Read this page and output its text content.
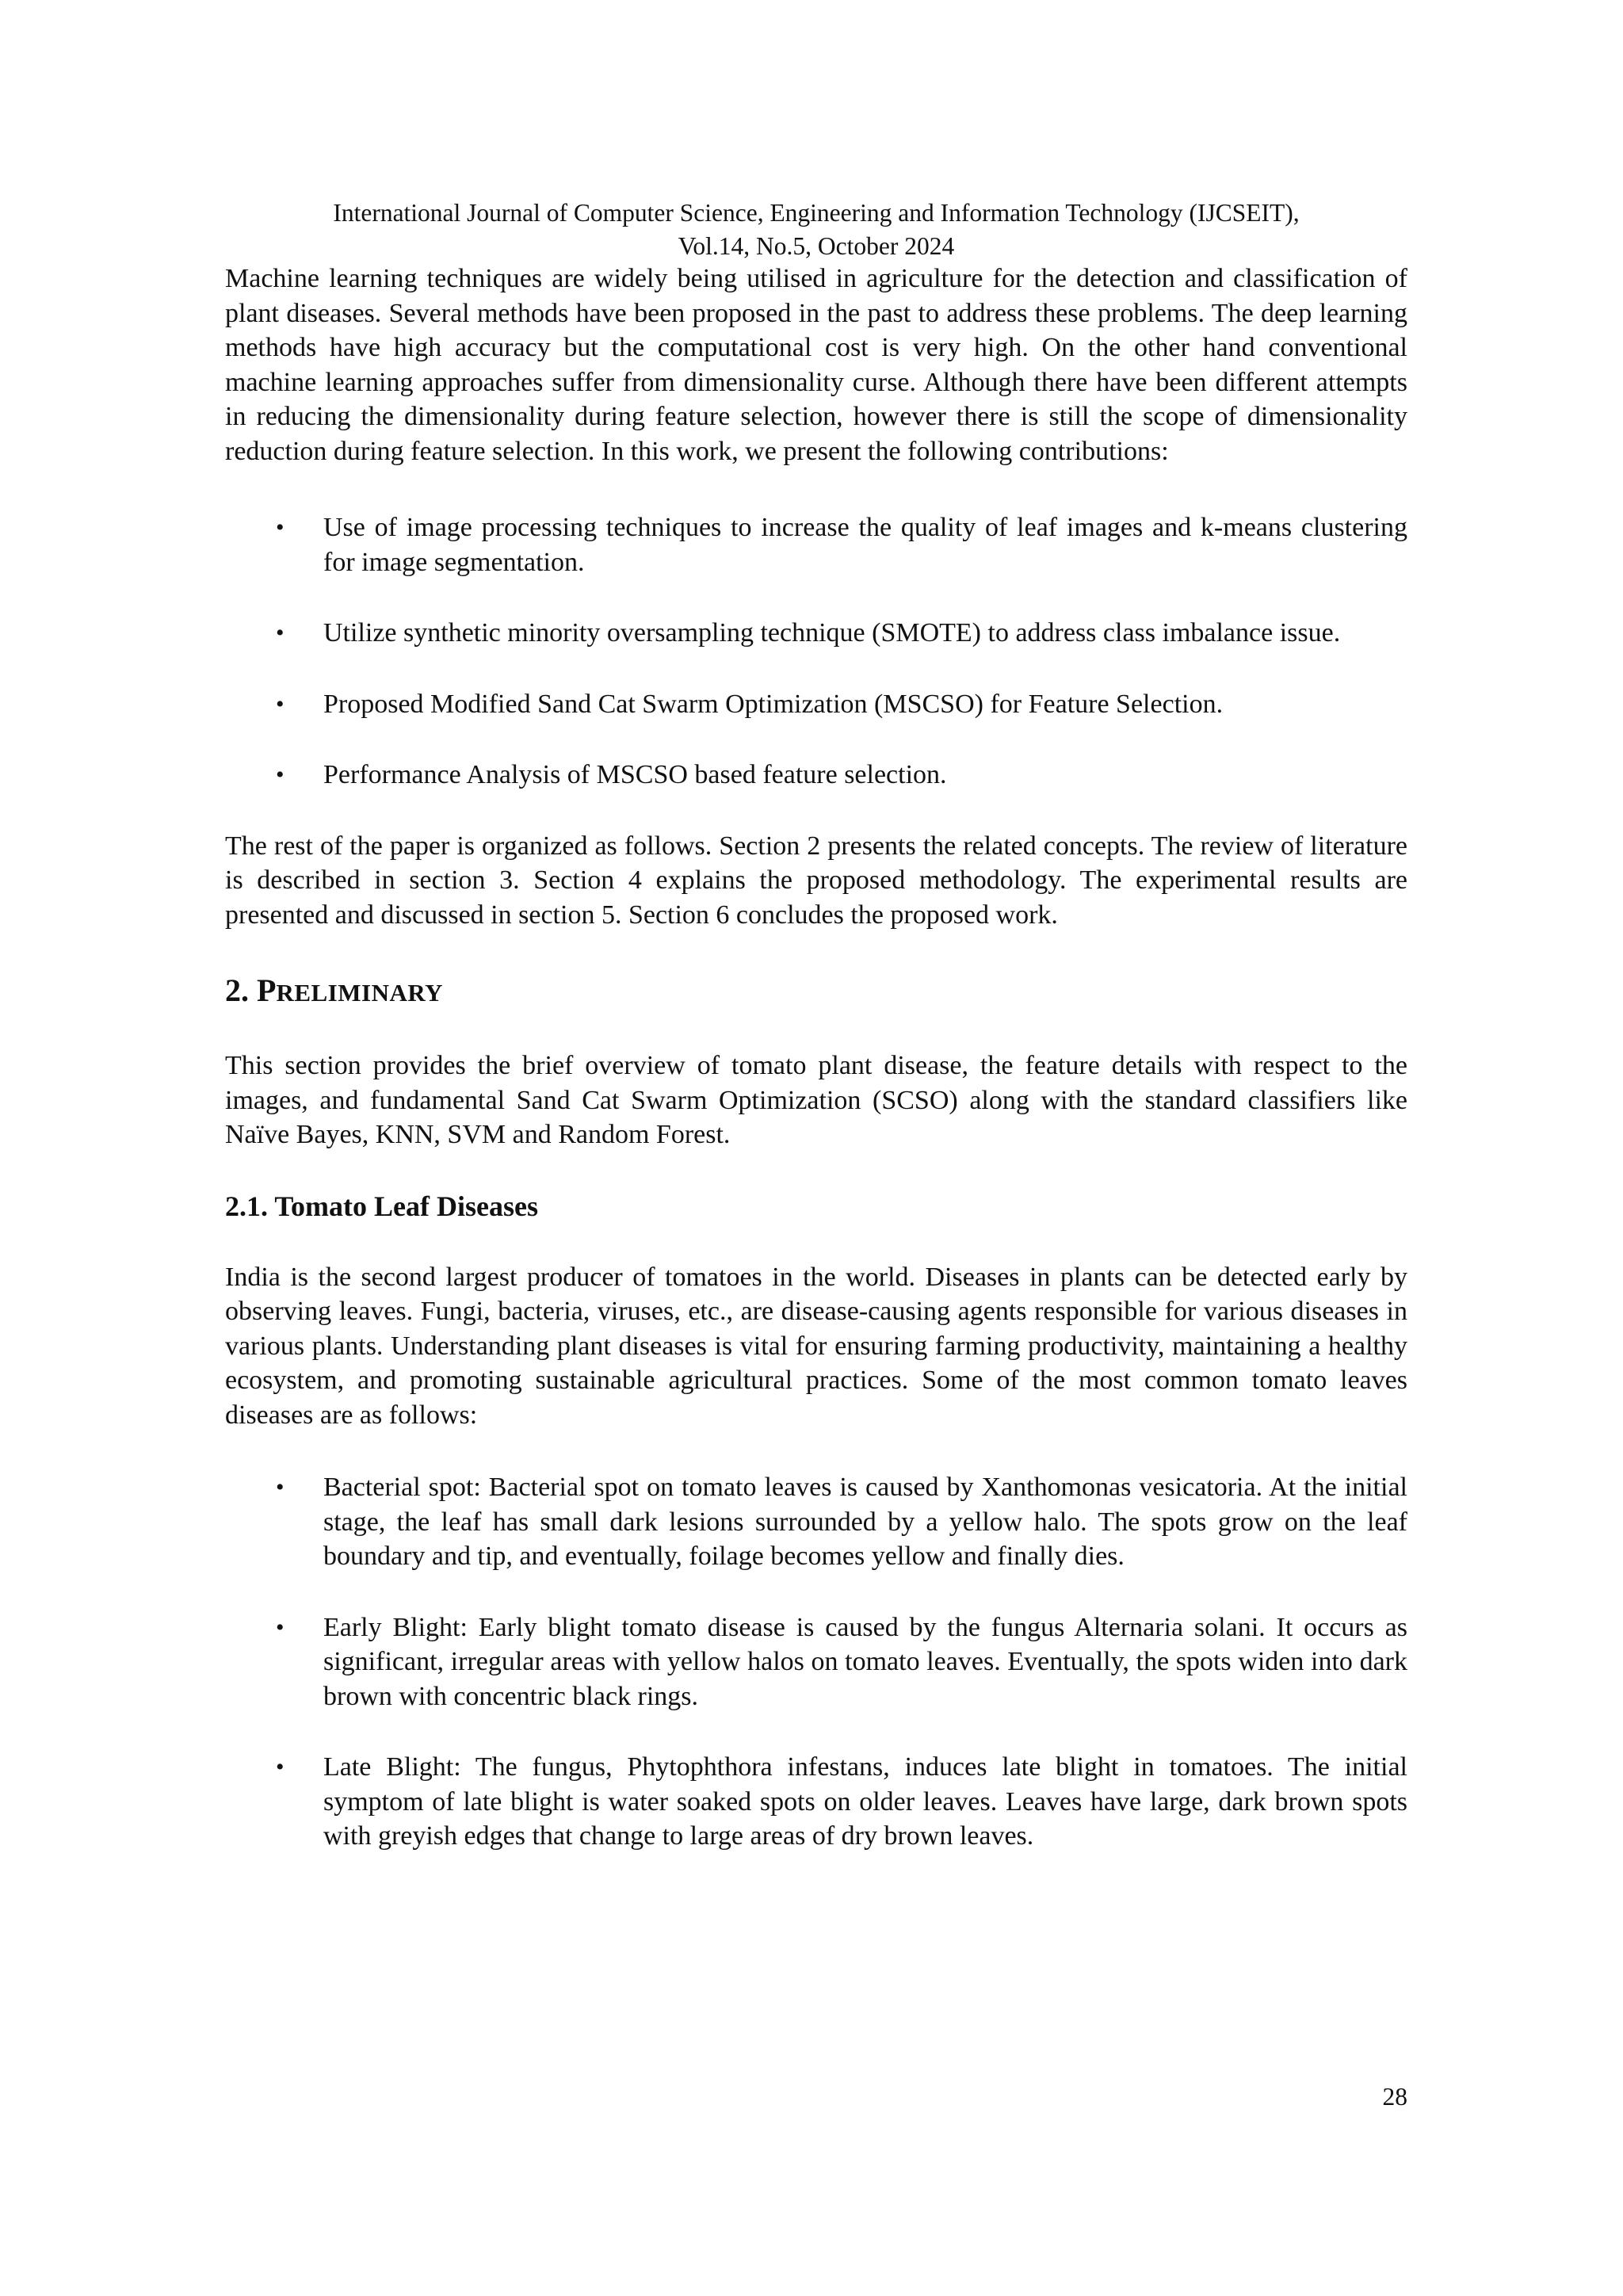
International Journal of Computer Science, Engineering and Information Technology (IJCSEIT),
Vol.14, No.5, October 2024

Machine learning techniques are widely being utilised in agriculture for the detection and classification of plant diseases. Several methods have been proposed in the past to address these problems. The deep learning methods have high accuracy but the computational cost is very high. On the other hand conventional machine learning approaches suffer from dimensionality curse. Although there have been different attempts in reducing the dimensionality during feature selection, however there is still the scope of dimensionality reduction during feature selection. In this work, we present the following contributions:

• Use of image processing techniques to increase the quality of leaf images and k-means clustering for image segmentation.
• Utilize synthetic minority oversampling technique (SMOTE) to address class imbalance issue.
• Proposed Modified Sand Cat Swarm Optimization (MSCSO) for Feature Selection.
• Performance Analysis of MSCSO based feature selection.

The rest of the paper is organized as follows. Section 2 presents the related concepts. The review of literature is described in section 3. Section 4 explains the proposed methodology. The experimental results are presented and discussed in section 5. Section 6 concludes the proposed work.

2. PRELIMINARY

This section provides the brief overview of tomato plant disease, the feature details with respect to the images, and fundamental Sand Cat Swarm Optimization (SCSO) along with the standard classifiers like Naïve Bayes, KNN, SVM and Random Forest.

2.1. Tomato Leaf Diseases

India is the second largest producer of tomatoes in the world. Diseases in plants can be detected early by observing leaves. Fungi, bacteria, viruses, etc., are disease-causing agents responsible for various diseases in various plants. Understanding plant diseases is vital for ensuring farming productivity, maintaining a healthy ecosystem, and promoting sustainable agricultural practices. Some of the most common tomato leaves diseases are as follows:

• Bacterial spot: Bacterial spot on tomato leaves is caused by Xanthomonas vesicatoria. At the initial stage, the leaf has small dark lesions surrounded by a yellow halo. The spots grow on the leaf boundary and tip, and eventually, foilage becomes yellow and finally dies.
• Early Blight: Early blight tomato disease is caused by the fungus Alternaria solani. It occurs as significant, irregular areas with yellow halos on tomato leaves. Eventually, the spots widen into dark brown with concentric black rings.
• Late Blight: The fungus, Phytophthora infestans, induces late blight in tomatoes. The initial symptom of late blight is water soaked spots on older leaves. Leaves have large, dark brown spots with greyish edges that change to large areas of dry brown leaves.
28
